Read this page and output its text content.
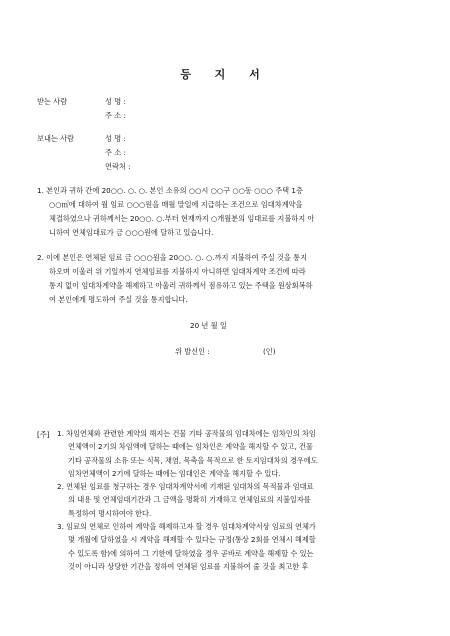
등 지 서
받는 사람	성 명 :
주 소 :
보내는 사람	성 명 :
주 소 :
연락처 :
1. 본인과 귀하 간에 20○○. ○. ○. 본인 소유의 ○○시 ○○구 ○○동 ○○○ 주택 1층
○○㎡에 대하여 월 임료 ○○○원을 매월 말일에 지급하는 조건으로 임대차계약을
체결하였으나 귀하께서는 20○○. ○.부터 현재까지 ○개월분의 임대료를 지불하지 아
니하여 연체임대료가 금 ○○○원에 달하고 있습니다.
2. 이에 본인은 연체된 임료 금 ○○○원을 20○○. ○. ○.까지 지불하여 주실 것을 통지
하오며 이울러 위 기일까지 연체임료를 지불하지 아니하면 임대차계약 조건에 따라
통지 없이 임대차계약을 해제하고 아울러 귀하께서 점유하고 있는 주택을 원상회복하
여 본인에게 명도하여 주실 것을 통지합니다.
20 년 월 일
위 발신인 :	(인)
[주] 1. 차임연체와 관련한 계약의 해지는 건물 기타 공작물의 임대차에는 임차인의 차임
연체액이 2기의 차임액에 달하는 때에는 임차인은 계약을 해지할 수 있고, 건물
기타 공작물의 소유 또는 식목, 채염, 목축을 목적으로 한 토지임대차의 경우에도
임차연체액이 2기에 달하는 때에는 임대인은 계약을 해지할 수 있다.
2. 연체된 임료를 청구하는 경우 임대차계약서에 기재된 임대차의 목적물과 임대료
의 내용 및 연체임대기간과 그 금액을 명확히 기재하고 연체임료의 지불일자를
특정하여 명시하여야 한다.
3. 임료의 연체로 인하여 계약을 해제하고자 할 경우 임대차계약서상 임료의 연체가
몇 개월에 달하였을 시 계약을 해제할 수 있다는 규정(통상 2회를 연체시 해제할
수 있도록 함)에 의하여 그 기한에 달하였을 경우 곧바로 계약을 해제할 수 있는
것이 아니라 상당한 기간을 정하여 연체된 임료를 지불하여 줄 것을 최고한 후
